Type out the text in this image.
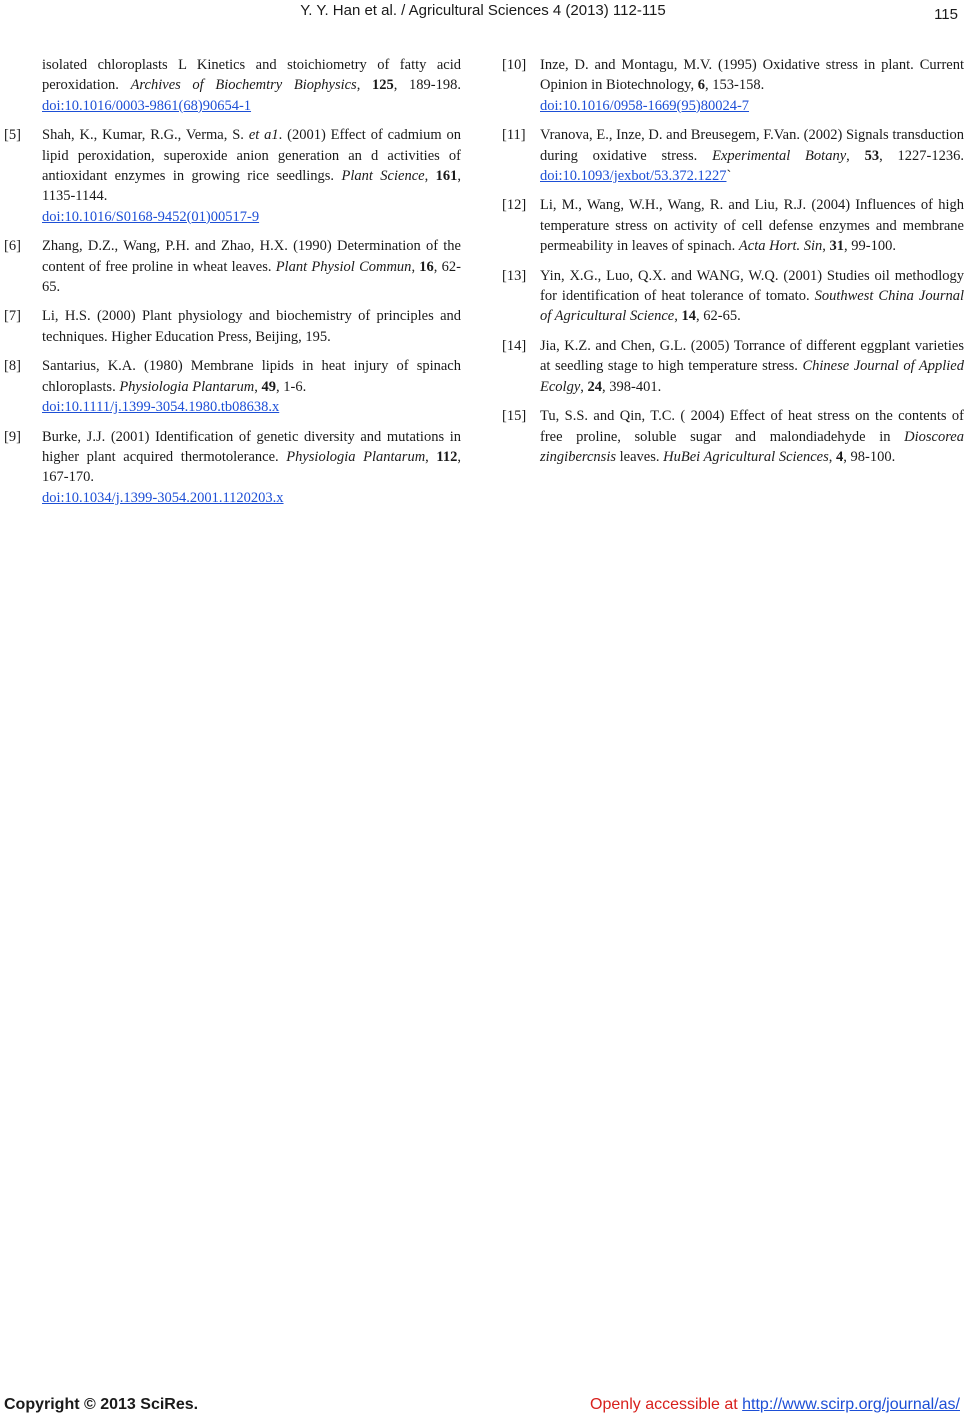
Y. Y. Han et al. / Agricultural Sciences 4 (2013) 112-115	115
isolated chloroplasts L Kinetics and stoichiometry of fatty acid peroxidation. Archives of Biochemtry Biophysics, 125, 189-198. doi:10.1016/0003-9861(68)90654-1
[5] Shah, K., Kumar, R.G., Verma, S. et a1. (2001) Effect of cadmium on lipid peroxidation, superoxide anion generation an d activities of antioxidant enzymes in growing rice seedlings. Plant Science, 161, 1135-1144.
doi:10.1016/S0168-9452(01)00517-9
[6] Zhang, D.Z., Wang, P.H. and Zhao, H.X. (1990) Determination of the content of free proline in wheat leaves. Plant Physiol Commun, 16, 62-65.
[7] Li, H.S. (2000) Plant physiology and biochemistry of principles and techniques. Higher Education Press, Beijing, 195.
[8] Santarius, K.A. (1980) Membrane lipids in heat injury of spinach chloroplasts. Physiologia Plantarum, 49, 1-6.
doi:10.1111/j.1399-3054.1980.tb08638.x
[9] Burke, J.J. (2001) Identification of genetic diversity and mutations in higher plant acquired thermotolerance. Physiologia Plantarum, 112, 167-170.
doi:10.1034/j.1399-3054.2001.1120203.x
[10] Inze, D. and Montagu, M.V. (1995) Oxidative stress in plant. Current Opinion in Biotechnology, 6, 153-158.
doi:10.1016/0958-1669(95)80024-7
[11] Vranova, E., Inze, D. and Breusegem, F.Van. (2002) Signals transduction during oxidative stress. Experimental Botany, 53, 1227-1236. doi:10.1093/jexbot/53.372.1227`
[12] Li, M., Wang, W.H., Wang, R. and Liu, R.J. (2004) Influences of high temperature stress on activity of cell defense enzymes and membrane permeability in leaves of spinach. Acta Hort. Sin, 31, 99-100.
[13] Yin, X.G., Luo, Q.X. and WANG, W.Q. (2001) Studies oil methodlogy for identification of heat tolerance of tomato. Southwest China Journal of Agricultural Science, 14, 62-65.
[14] Jia, K.Z. and Chen, G.L. (2005) Torrance of different eggplant varieties at seedling stage to high temperature stress. Chinese Journal of Applied Ecolgy, 24, 398-401.
[15] Tu, S.S. and Qin, T.C. ( 2004) Effect of heat stress on the contents of free proline, soluble sugar and malondiadehyde in Dioscorea zingibercnsis leaves. HuBei Agricultural Sciences, 4, 98-100.
Copyright © 2013 SciRes.	Openly accessible at http://www.scirp.org/journal/as/
